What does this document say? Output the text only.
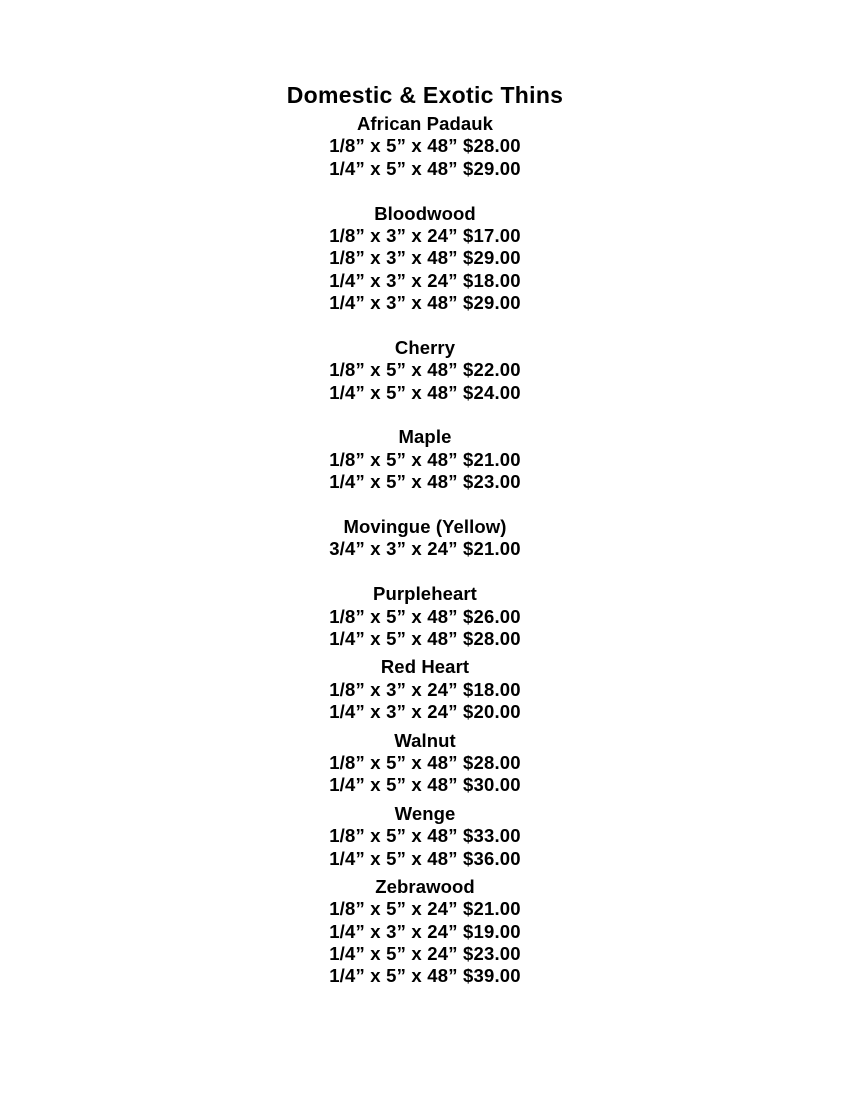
Domestic & Exotic Thins
African Padauk
1/8” x 5” x 48” $28.00
1/4” x 5” x 48” $29.00
Bloodwood
1/8” x 3” x 24” $17.00
1/8” x 3” x 48” $29.00
1/4” x 3” x 24” $18.00
1/4” x 3” x 48” $29.00
Cherry
1/8” x 5” x 48” $22.00
1/4” x 5” x 48” $24.00
Maple
1/8” x 5” x 48” $21.00
1/4” x 5” x 48” $23.00
Movingue (Yellow)
3/4” x 3” x 24” $21.00
Purpleheart
1/8” x 5” x 48” $26.00
1/4” x 5” x 48” $28.00
Red Heart
1/8” x 3” x 24” $18.00
1/4” x 3” x 24” $20.00
Walnut
1/8” x 5” x 48” $28.00
1/4” x 5” x 48” $30.00
Wenge
1/8” x 5” x 48” $33.00
1/4” x 5” x 48” $36.00
Zebrawood
1/8” x 5” x 24” $21.00
1/4” x 3” x 24” $19.00
1/4” x 5” x 24” $23.00
1/4” x 5” x 48” $39.00
